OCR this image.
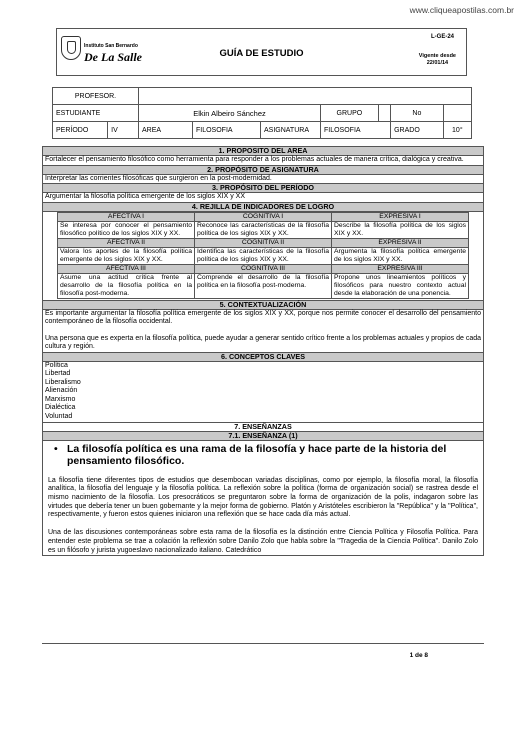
www.cliqueapostilas.com.br
Instituto San Bernardo
De La Salle	GUÍA DE ESTUDIO
L-GE-24
Vigente desde
22/01/14
PROFESOR.								
ESTUDIANTE		Elkin Albeiro Sánchez			GRUPO		No	
PERÍODO	IV	AREA	FILOSOFIA	ASIGNATURA	FILOSOFIA		GRADO	10°
1. PROPOSITO DEL AREA
Fortalecer el pensamiento filosófico como herramienta para responder a los problemas actuales de manera crítica, dialógica y creativa.
2. PROPÓSITO DE ASIGNATURA
Interpretar las corrientes filosóficas que surgieron en la post-modernidad.
3. PROPÓSITO DEL PERÍODO
Argumentar la filosofía política emergente de los siglos XIX y XX
4. REJILLA DE INDICADORES DE LOGRO
AFECTIVA I	COGNITIVA I	EXPRESIVA I
Se interesa por conocer el pensamiento filosófico político de los siglos XIX y XX.	Reconoce las características de la filosofía política de los siglos XIX y XX.	Describe la filosofía política de los siglos XIX y XX.
AFECTIVA II	COGNITIVA II	EXPRESIVA II
Valora los aportes de la filosofía política emergente de los siglos XIX y XX.	Identifica las características de la filosofía política de los siglos XIX y XX.	Argumenta la filosofía política emergente de los siglos XIX y XX.
AFECTIVA III	COGNITIVA III	EXPRESIVA III
Asume una actitud crítica frente al desarrollo de la filosofía política en la filosofía post-moderna.	Comprende el desarrollo de la filosofía política en la filosofía post-moderna.	Propone unos lineamientos políticos y filosóficos para nuestro contexto actual desde la elaboración de una ponencia.
5. CONTEXTUALIZACIÓN
Es importante argumentar la filosofía política emergente de los siglos XIX y XX, porque nos permite conocer el desarrollo del pensamiento contemporáneo de la filosofía occidental.
Una persona que es experta en la filosofía política, puede ayudar a generar sentido crítico frente a los problemas actuales y propios de cada cultura y región.
6. CONCEPTOS CLAVES
Política
Libertad
Liberalismo
Alienación
Marxismo
Dialéctica
Voluntad
7. ENSEÑANZAS
7.1. ENSEÑANZA (1)
• La filosofía política es una rama de la filosofía y hace parte de la historia del pensamiento filosófico.
La filosofía tiene diferentes tipos de estudios que desembocan variadas disciplinas, como por ejemplo, la filosofía moral, la filosofía analítica, la filosofía del lenguaje y la filosofía política. La reflexión sobre la política (forma de organización social) se rastrea desde el mismo nacimiento de la filosofía. Los presocráticos se preguntaron sobre la forma de organización de la polis, indagaron sobre las virtudes que debería tener un buen gobernante y la mejor forma de gobierno. Platón y Aristóteles escribieron la "República" y la "Política", respectivamente, y fueron estos quienes iniciaron una reflexión que se hace cada día más actual.
Una de las discusiones contemporáneas sobre esta rama de la filosofía es la distinción entre Ciencia Política y Filosofía Política. Para entender este problema se trae a colación la reflexión sobre Danilo Zolo que habla sobre la "Tragedia de la Ciencia Política". Danilo Zolo es un filósofo y jurista yugoeslavo nacionalizado italiano. Catedrático
1 de 8
